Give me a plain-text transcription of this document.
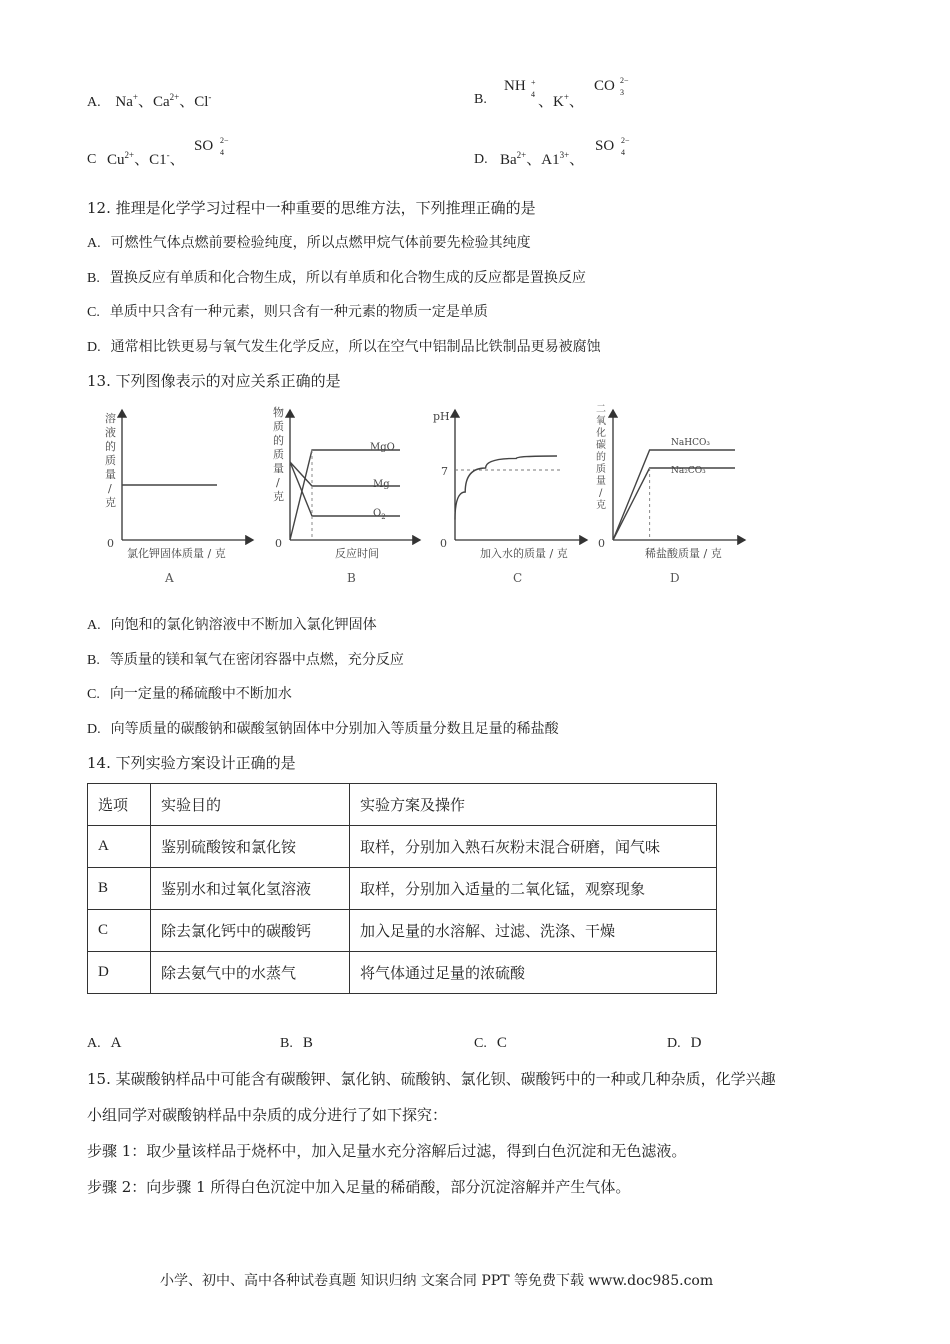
A. Na+、$Ca^{2+}$、Cl-	B.
NH +
4 、K+、
CO 2−
3
C $Cu^{2+}$、C1-、
SO 2−
4	D. $Ba^{2+}$、$A1^{3+}$、
SO 2−
4
12. 推理是化学学习过程中一种重要的思维方法，下列推理正确的是
A. 可燃性气体点燃前要检验纯度，所以点燃甲烷气体前要先检验其纯度
B. 置换反应有单质和化合物生成，所以有单质和化合物生成的反应都是置换反应
C. 单质中只含有一种元素，则只含有一种元素的物质一定是单质
D. 通常相比铁更易与氧气发生化学反应，所以在空气中铝制品比铁制品更易被腐蚀
13. 下列图像表示的对应关系正确的是
溶
液
的
质
量
/
克
0
氯化钾固体质量 / 克
A
物
质
的
质
量
/
克
0
反应时间
B
MgO
Mg
$O_2$
pH
0
7
加入水的质量 / 克
C
二
氧
化
碳
的
质
量
/
克
0
稀盐酸质量 / 克
D
NaHCO₃
Na₂CO₃
A. 向饱和的氯化钠溶液中不断加入氯化钾固体
B. 等质量的镁和氧气在密闭容器中点燃，充分反应
C. 向一定量的稀硫酸中不断加水
D. 向等质量的碳酸钠和碳酸氢钠固体中分别加入等质量分数且足量的稀盐酸
14. 下列实验方案设计正确的是
选项	实验目的	实验方案及操作
A	鉴别硫酸铵和氯化铵	取样，分别加入熟石灰粉末混合研磨，闻气味
B	鉴别水和过氧化氢溶液	取样，分别加入适量的二氧化锰，观察现象
C	除去氯化钙中的碳酸钙	加入足量的水溶解、过滤、洗涤、干燥
D	除去氨气中的水蒸气	将气体通过足量的浓硫酸
A. A	B. B	C. C	D. D
15. 某碳酸钠样品中可能含有碳酸钾、氯化钠、硫酸钠、氯化钡、碳酸钙中的一种或几种杂质，化学兴趣
小组同学对碳酸钠样品中杂质的成分进行了如下探究：
步骤 1：取少量该样品于烧杯中，加入足量水充分溶解后过滤，得到白色沉淀和无色滤液。
步骤 2：向步骤 1 所得白色沉淀中加入足量的稀硝酸，部分沉淀溶解并产生气体。
小学、初中、高中各种试卷真题 知识归纳 文案合同 PPT 等免费下载 www.doc985.com
